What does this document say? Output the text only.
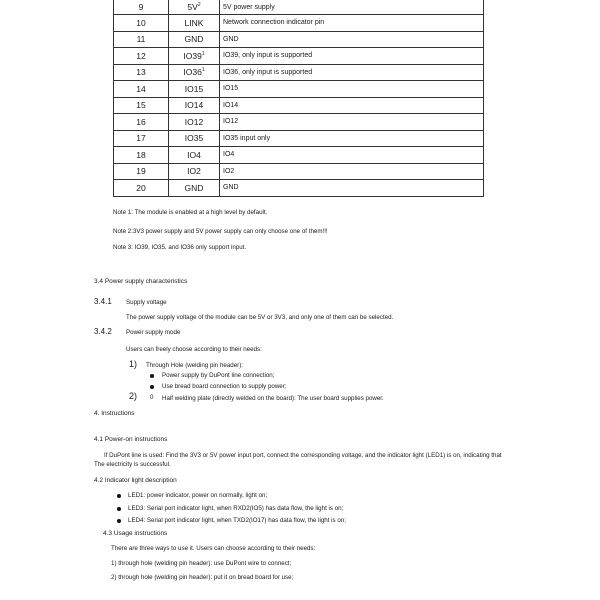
9	$5V^2$	5V power supply
10	LINK	Network connection indicator pin
11	GND	GND
12	$IO39^1$	IO39, only input is supported
13	$IO36^1$	IO36, only input is supported
14	IO15	IO15
15	IO14	IO14
16	IO12	IO12
17	IO35	IO35 input only
18	IO4	IO4
19	IO2	IO2
20	GND	GND
Note 1: The module is enabled at a high level by default.
Note 2:3V3 power supply and 5V power supply can only choose one of them!!!
Note 3: IO39, IO35, and IO36 only support input.
3.4 Power supply characteristics
3.4.1 Supply voltage
The power supply voltage of the module can be 5V or 3V3, and only one of them can be selected.
3.4.2 Power supply mode
Users can freely choose according to their needs:
1) Through Hole (welding pin header):
Power supply by DuPont line connection;
Use bread board connection to supply power;
2) 0 Half welding plate (directly welded on the board): The user board supplies power.
4. Instructions
4.1 Power-on instructions
If DuPont line is used: Find the 3V3 or 5V power input port, connect the corresponding voltage, and the indicator light (LED1) is on, indicating that
The electricity is successful.
4.2 Indicator light description
LED1: power indicator, power on normally, light on;
LED3: Serial port indicator light, when RXD2(IO5) has data flow, the light is on;
LED4: Serial port indicator light, when TXD2(IO17) has data flow, the light is on;
4.3 Usage instructions
There are three ways to use it. Users can choose according to their needs:
1) through hole (welding pin header): use DuPont wire to connect;
2) through hole (welding pin header): put it on bread board for use;
